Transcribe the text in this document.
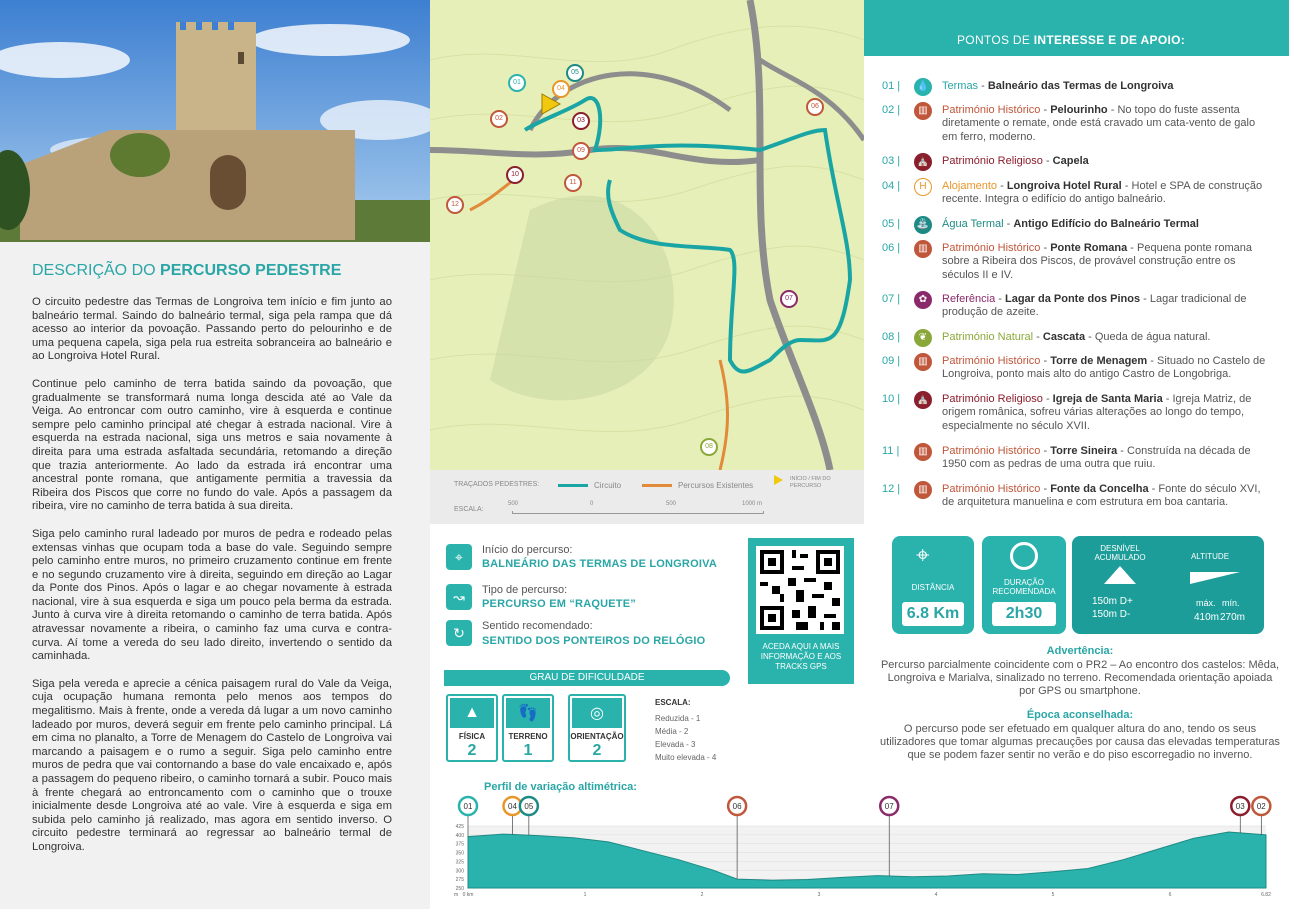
DESCRIÇÃO DO PERCURSO PEDESTRE

O circuito pedestre das Termas de Longroiva tem início e fim junto ao balneário termal. Saindo do balneário termal, siga pela rampa que dá acesso ao interior da povoação. Passando perto do pelourinho e de uma pequena capela, siga pela rua estreita sobranceira ao balneário e ao Longroiva Hotel Rural.

Continue pelo caminho de terra batida saindo da povoação, que gradualmente se transformará numa longa descida até ao Vale da Veiga. Ao entroncar com outro caminho, vire à esquerda e continue sempre pelo caminho principal até chegar à estrada nacional. Vire à esquerda na estrada nacional, siga uns metros e saia novamente à direita para uma estrada asfaltada secundária, retomando a direção que trazia anteriormente. Ao lado da estrada irá encontrar uma ancestral ponte romana, que antigamente permitia a travessia da Ribeira dos Piscos que corre no fundo do vale. Após a passagem da ribeira, vire no caminho de terra batida à sua direita.

Siga pelo caminho rural ladeado por muros de pedra e rodeado pelas extensas vinhas que ocupam toda a base do vale. Seguindo sempre pelo caminho entre muros, no primeiro cruzamento continue em frente e no segundo cruzamento vire à direita, seguindo em direção ao Lagar da Ponte dos Pinos. Após o lagar e ao chegar novamente à estrada nacional, vire à sua esquerda e siga um pouco pela berma da estrada. Junto à curva vire à direita retomando o caminho de terra batida. Após atravessar novamente a ribeira, o caminho faz uma curva e contra-curva. Aí tome a vereda do seu lado direito, invertendo o sentido da caminhada.

Siga pela vereda e aprecie a cénica paisagem rural do Vale da Veiga, cuja ocupação humana remonta pelo menos aos tempos do megalitismo. Mais à frente, onde a vereda dá lugar a um novo caminho ladeado por muros, deverá seguir em frente pelo caminho principal. Lá em cima no planalto, a Torre de Menagem do Castelo de Longroiva vai marcando a paisagem e o rumo a seguir. Siga pelo caminho entre muros de pedra que vai contornando a base do vale encaixado e, após a passagem do pequeno ribeiro, o caminho tornará a subir. Pouco mais à frente chegará ao entroncamento com o caminho que o trouxe inicialmente desde Longroiva até ao vale. Vire à esquerda e siga em subida pelo caminho já realizado, mas agora em sentido inverso. O circuito pedestre terminará ao regressar ao balneário termal de Longroiva.

01
02	03
04
05
06
07
08
09
10
11
12
TRAÇADOS PEDESTRES:	Circuito	Percursos Existentes
INÍCIO / FIM DO PERCURSO
ESCALA:
500	0	500	1000 m
PONTOS DE INTERESSE E DE APOIO:
01 |	💧 Termas - Balneário das Termas de Longroiva
02 |	▥	Património Histórico - Pelourinho - No topo do fuste assenta diretamente o remate, onde está cravado um cata-vento de galo em ferro, moderno.
03 |	⛪ Património Religioso - Capela
04 |	H	Alojamento - Longroiva Hotel Rural - Hotel e SPA de construção recente. Integra o edifício do antigo balneário.
05 |	⛲ Água Termal - Antigo Edifício do Balneário Termal
06 |	▥	Património Histórico - Ponte Romana - Pequena ponte romana sobre a Ribeira dos Piscos, de provável construção entre os séculos II e IV.
07 |	✿	Referência - Lagar da Ponte dos Pinos - Lagar tradicional de produção de azeite.
08 |	❦	Património Natural - Cascata - Queda de água natural.
09 |	▥	Património Histórico - Torre de Menagem - Situado no Castelo de Longroiva, ponto mais alto do antigo Castro de Longobriga.
10 |	⛪ Património Religioso - Igreja de Santa Maria - Igreja Matriz, de origem românica, sofreu várias alterações ao longo do tempo, especialmente no século XVII.
11 |	▥	Património Histórico - Torre Sineira - Construída na década de 1950 com as pedras de uma outra que ruiu.
12 |	▥	Património Histórico - Fonte da Concelha - Fonte do século XVI, de arquitetura manuelina e com estrutura em boa cantaria.
⌖	Início do percurso:
BALNEÁRIO DAS TERMAS DE LONGROIVA
↝	Tipo de percurso:
PERCURSO EM “RAQUETE”
↻	Sentido recomendado:
SENTIDO DOS PONTEIROS DO RELÓGIO	ACEDA AQUI A MAIS INFORMAÇÃO E AOS TRACKS GPS
GRAU DE DIFICULDADE
▲
FÍSICA
2
👣
TERRENO
1
◎
ORIENTAÇÃO
2
ESCALA:
Reduzida - 1
Média - 2
Elevada - 3
Muito elevada - 4
⌖
DISTÂNCIA
6.8 Km
DURAÇÃO RECOMENDADA
2h30
DESNÍVEL ACUMULADO
150m D+
150m D-
ALTITUDE
máx. mín.
410m 270m
Advertência:
Percurso parcialmente coincidente com o PR2 – Ao encontro dos castelos: Mêda, Longroiva e Marialva, sinalizado no terreno. Recomendada orientação apoiada por GPS ou smartphone.
Época aconselhada:
O percurso pode ser efetuado em qualquer altura do ano, tendo os seus utilizadores que tomar algumas precauções por causa das elevadas temperaturas que se podem fazer sentir no verão e do piso escorregadio no inverno.
Perfil de variação altimétrica:
425
400
375
350
325
300
275
250
m 0 km	1	2	3	4	5	6	6.82
01	04 05	06	07	03 02
